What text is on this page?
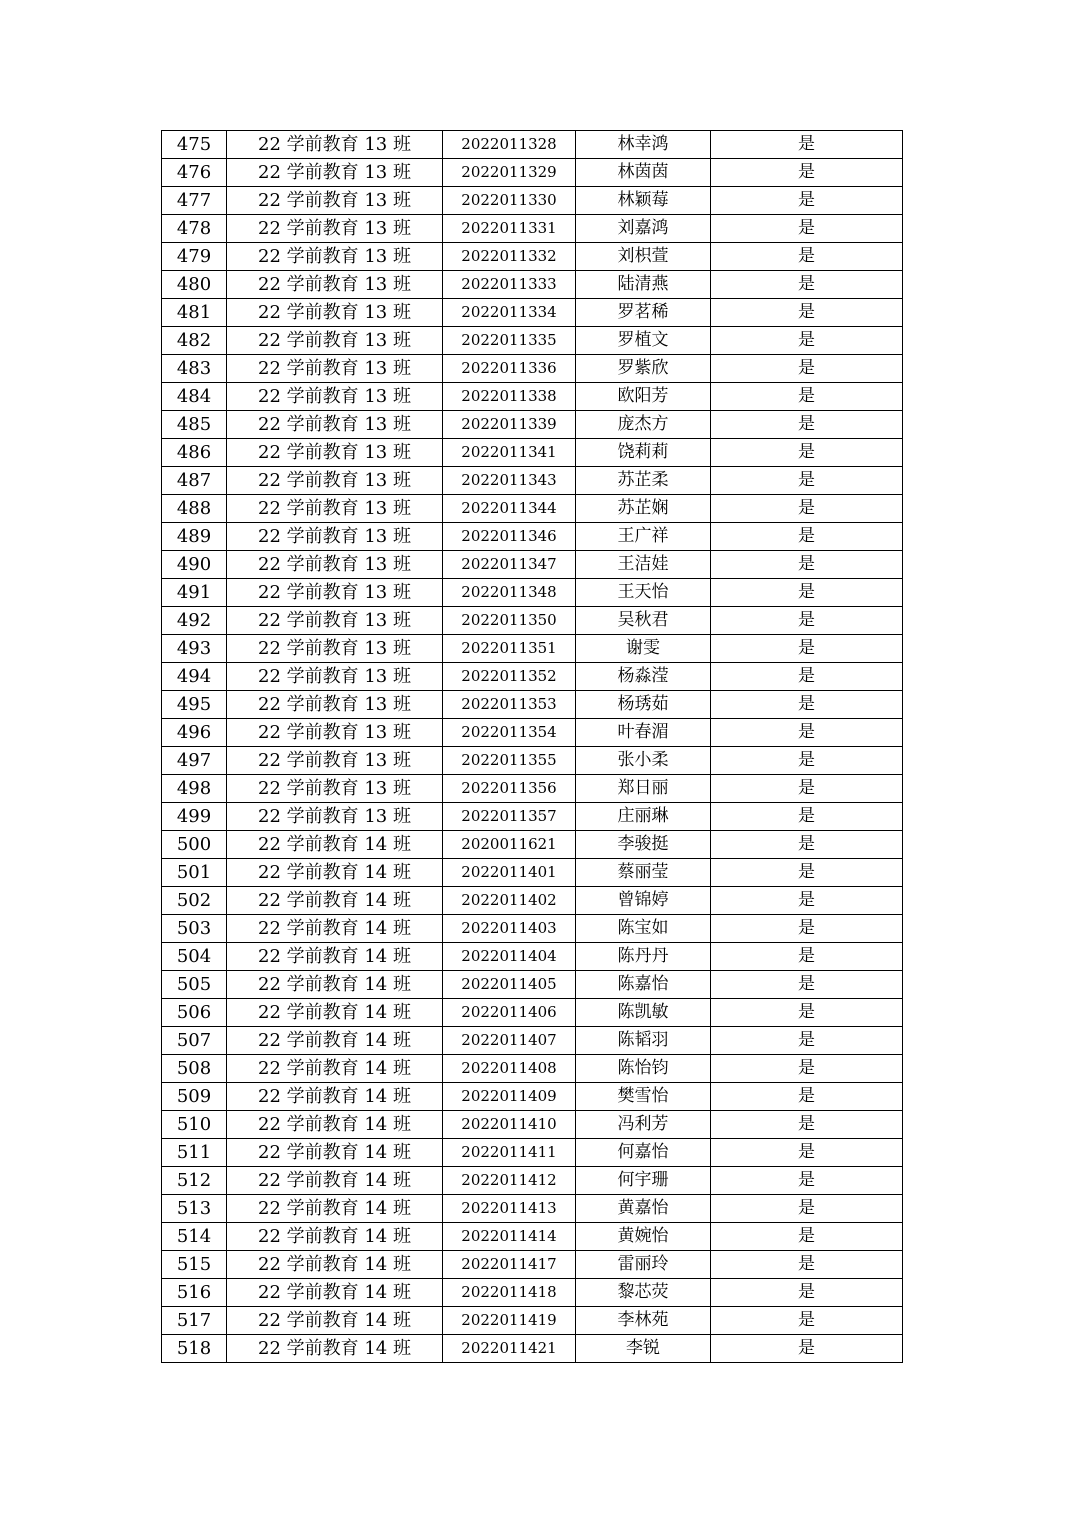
475	22 学前教育 13 班	2022011328	林幸鸿	是
476	22 学前教育 13 班	2022011329	林茵茵	是
477	22 学前教育 13 班	2022011330	林颖莓	是
478	22 学前教育 13 班	2022011331	刘嘉鸿	是
479	22 学前教育 13 班	2022011332	刘枳萱	是
480	22 学前教育 13 班	2022011333	陆清燕	是
481	22 学前教育 13 班	2022011334	罗茗稀	是
482	22 学前教育 13 班	2022011335	罗植文	是
483	22 学前教育 13 班	2022011336	罗紫欣	是
484	22 学前教育 13 班	2022011338	欧阳芳	是
485	22 学前教育 13 班	2022011339	庞杰方	是
486	22 学前教育 13 班	2022011341	饶莉莉	是
487	22 学前教育 13 班	2022011343	苏芷柔	是
488	22 学前教育 13 班	2022011344	苏芷娴	是
489	22 学前教育 13 班	2022011346	王广祥	是
490	22 学前教育 13 班	2022011347	王洁娃	是
491	22 学前教育 13 班	2022011348	王天怡	是
492	22 学前教育 13 班	2022011350	吴秋君	是
493	22 学前教育 13 班	2022011351	谢雯	是
494	22 学前教育 13 班	2022011352	杨淼滢	是
495	22 学前教育 13 班	2022011353	杨琇茹	是
496	22 学前教育 13 班	2022011354	叶春湄	是
497	22 学前教育 13 班	2022011355	张小柔	是
498	22 学前教育 13 班	2022011356	郑日丽	是
499	22 学前教育 13 班	2022011357	庄丽琳	是
500	22 学前教育 14 班	2020011621	李骏挺	是
501	22 学前教育 14 班	2022011401	蔡丽莹	是
502	22 学前教育 14 班	2022011402	曾锦婷	是
503	22 学前教育 14 班	2022011403	陈宝如	是
504	22 学前教育 14 班	2022011404	陈丹丹	是
505	22 学前教育 14 班	2022011405	陈嘉怡	是
506	22 学前教育 14 班	2022011406	陈凯敏	是
507	22 学前教育 14 班	2022011407	陈韬羽	是
508	22 学前教育 14 班	2022011408	陈怡钧	是
509	22 学前教育 14 班	2022011409	樊雪怡	是
510	22 学前教育 14 班	2022011410	冯利芳	是
511	22 学前教育 14 班	2022011411	何嘉怡	是
512	22 学前教育 14 班	2022011412	何宇珊	是
513	22 学前教育 14 班	2022011413	黄嘉怡	是
514	22 学前教育 14 班	2022011414	黄婉怡	是
515	22 学前教育 14 班	2022011417	雷丽玲	是
516	22 学前教育 14 班	2022011418	黎芯荧	是
517	22 学前教育 14 班	2022011419	李林苑	是
518	22 学前教育 14 班	2022011421	李锐	是
